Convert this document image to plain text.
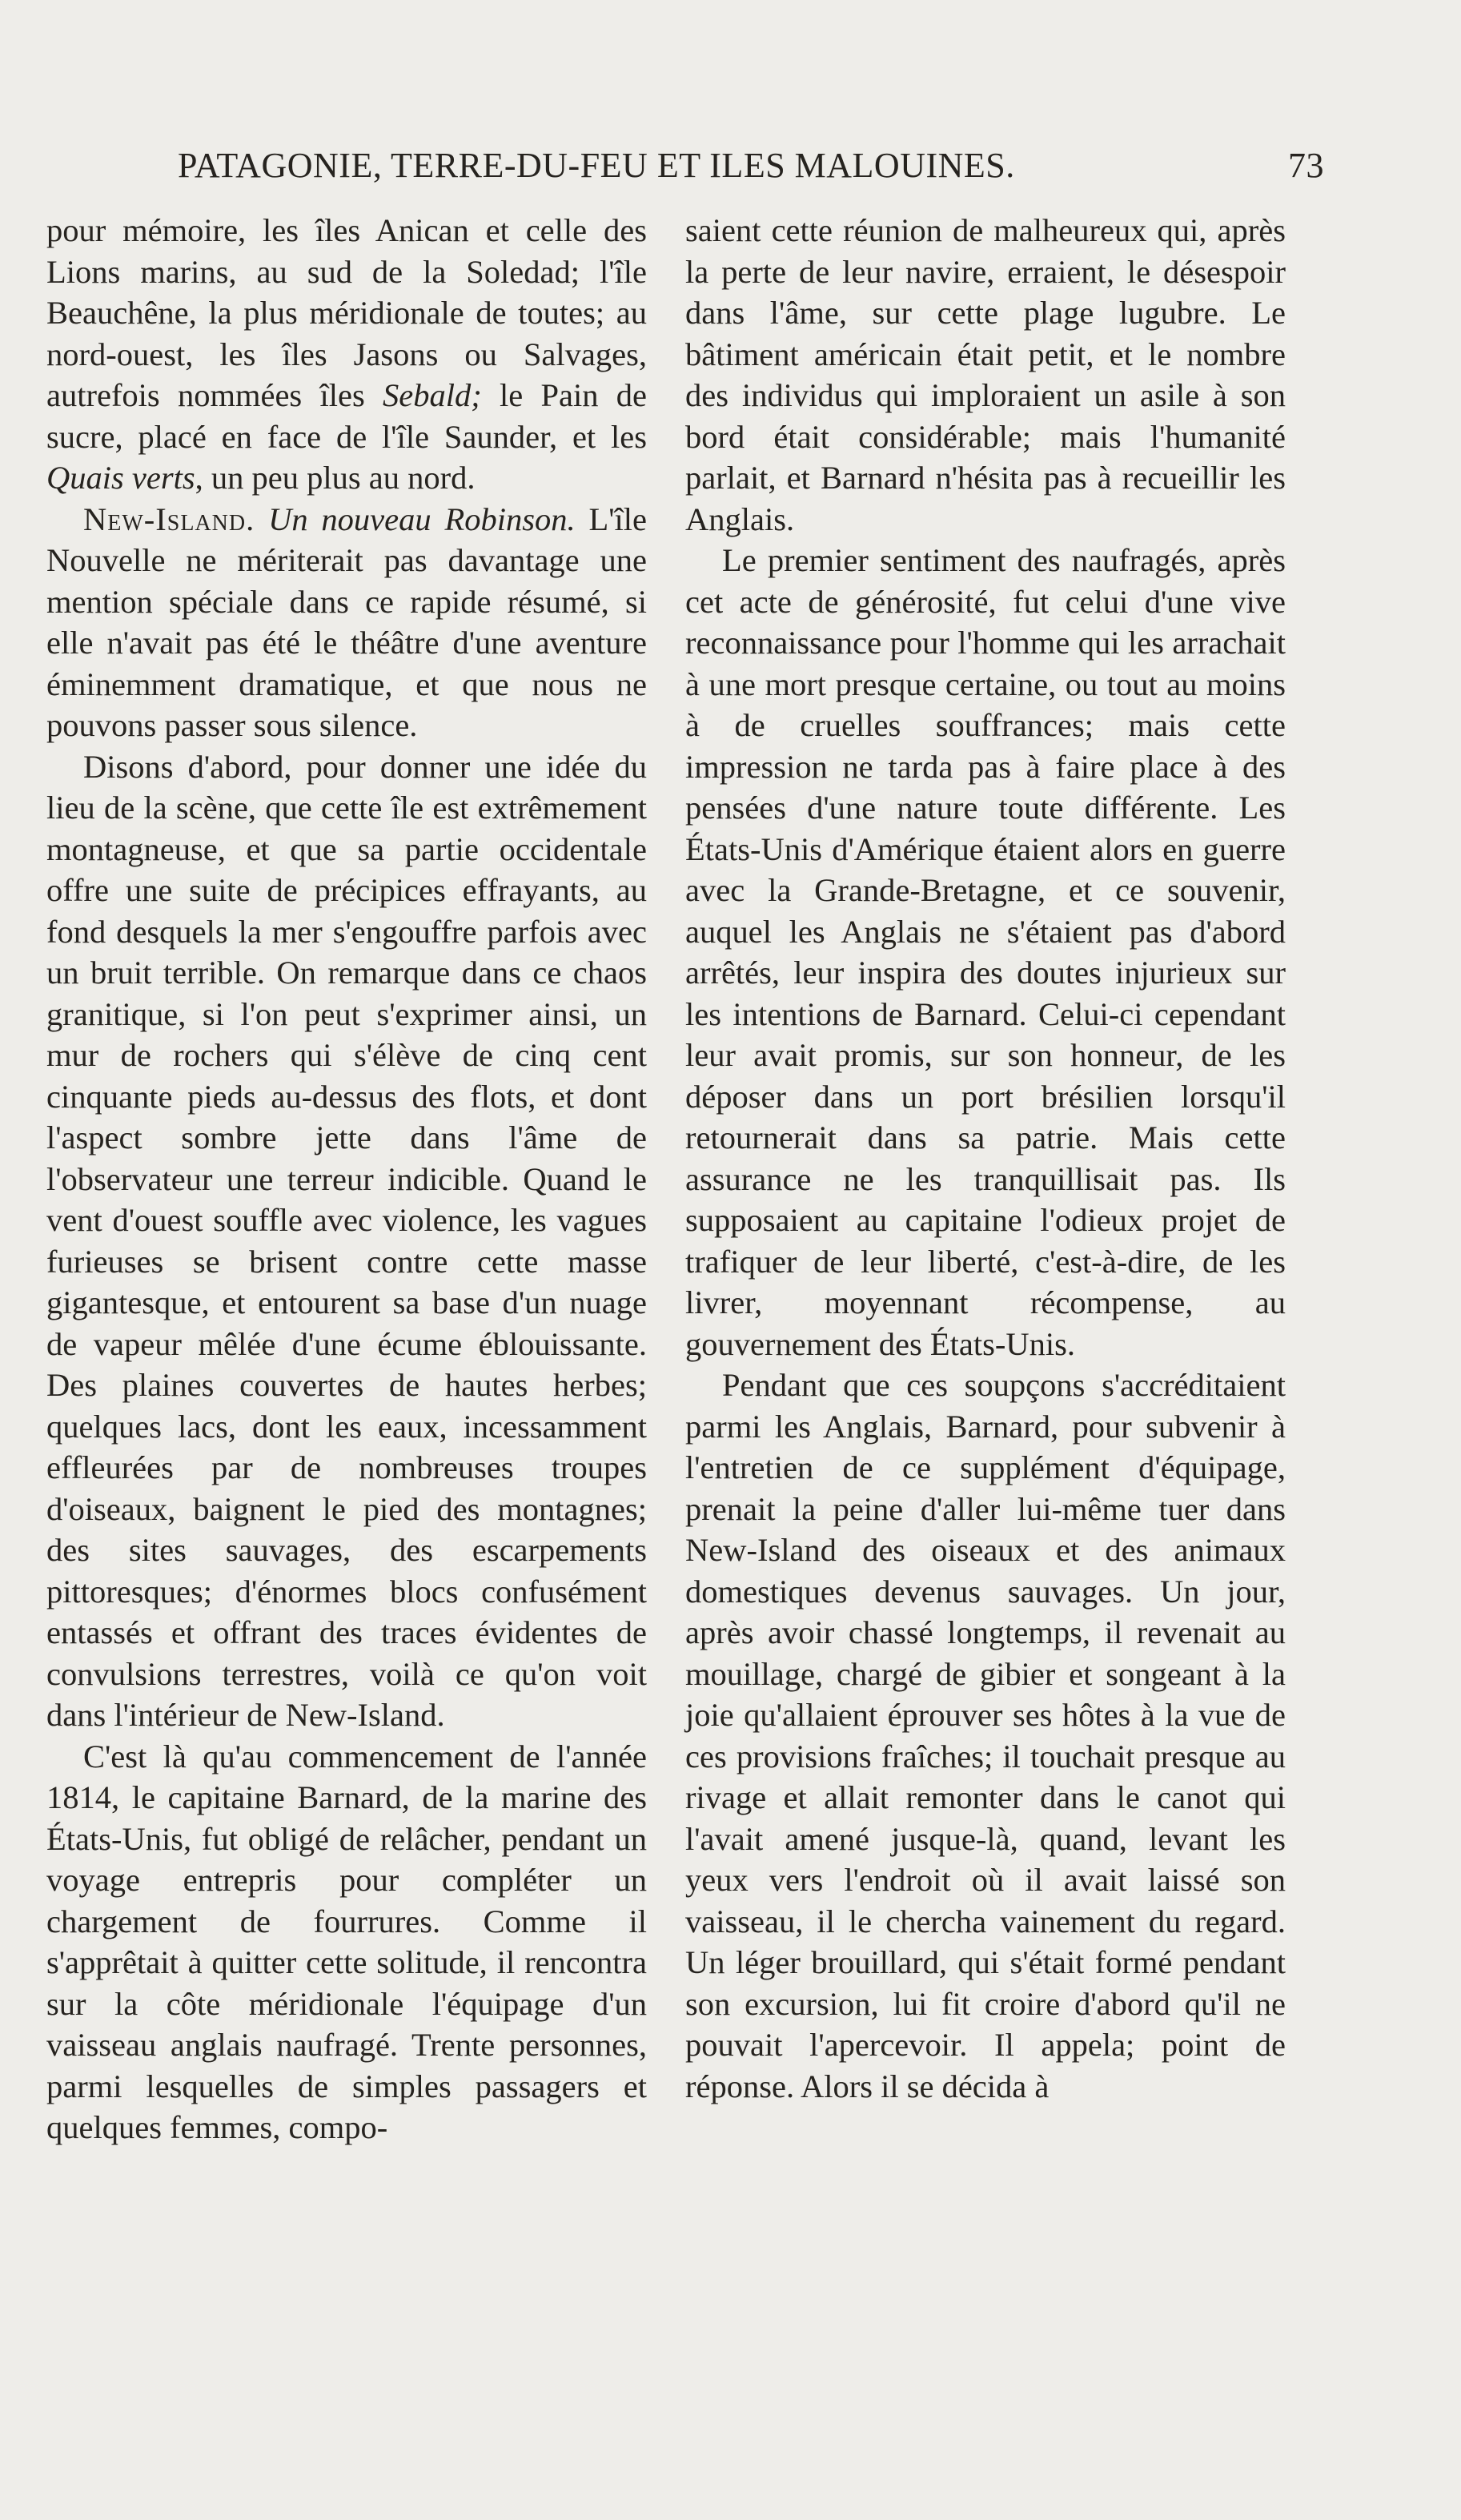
PATAGONIE, TERRE-DU-FEU ET ILES MALOUINES.	73

pour mémoire, les îles Anican et celle des Lions marins, au sud de la Soledad; l'île Beauchêne, la plus méridionale de toutes; au nord-ouest, les îles Jasons ou Salvages, autrefois nommées îles Sebald; le Pain de sucre, placé en face de l'île Saunder, et les Quais verts, un peu plus au nord.

New-Island. Un nouveau Robinson. L'île Nouvelle ne mériterait pas davantage une mention spéciale dans ce rapide résumé, si elle n'avait pas été le théâtre d'une aventure éminemment dramatique, et que nous ne pouvons passer sous silence.

Disons d'abord, pour donner une idée du lieu de la scène, que cette île est extrêmement montagneuse, et que sa partie occidentale offre une suite de précipices effrayants, au fond desquels la mer s'engouffre parfois avec un bruit terrible. On remarque dans ce chaos granitique, si l'on peut s'exprimer ainsi, un mur de rochers qui s'élève de cinq cent cinquante pieds au-dessus des flots, et dont l'aspect sombre jette dans l'âme de l'observateur une terreur indicible. Quand le vent d'ouest souffle avec violence, les vagues furieuses se brisent contre cette masse gigantesque, et entourent sa base d'un nuage de vapeur mêlée d'une écume éblouissante. Des plaines couvertes de hautes herbes; quelques lacs, dont les eaux, incessamment effleurées par de nombreuses troupes d'oiseaux, baignent le pied des montagnes; des sites sauvages, des escarpements pittoresques; d'énormes blocs confusément entassés et offrant des traces évidentes de convulsions terrestres, voilà ce qu'on voit dans l'intérieur de New-Island.

C'est là qu'au commencement de l'année 1814, le capitaine Barnard, de la marine des États-Unis, fut obligé de relâcher, pendant un voyage entrepris pour compléter un chargement de fourrures. Comme il s'apprêtait à quitter cette solitude, il rencontra sur la côte méridionale l'équipage d'un vaisseau anglais naufragé. Trente personnes, parmi lesquelles de simples passagers et quelques femmes, compo-

saient cette réunion de malheureux qui, après la perte de leur navire, erraient, le désespoir dans l'âme, sur cette plage lugubre. Le bâtiment américain était petit, et le nombre des individus qui imploraient un asile à son bord était considérable; mais l'humanité parlait, et Barnard n'hésita pas à recueillir les Anglais.

Le premier sentiment des naufragés, après cet acte de générosité, fut celui d'une vive reconnaissance pour l'homme qui les arrachait à une mort presque certaine, ou tout au moins à de cruelles souffrances; mais cette impression ne tarda pas à faire place à des pensées d'une nature toute différente. Les États-Unis d'Amérique étaient alors en guerre avec la Grande-Bretagne, et ce souvenir, auquel les Anglais ne s'étaient pas d'abord arrêtés, leur inspira des doutes injurieux sur les intentions de Barnard. Celui-ci cependant leur avait promis, sur son honneur, de les déposer dans un port brésilien lorsqu'il retournerait dans sa patrie. Mais cette assurance ne les tranquillisait pas. Ils supposaient au capitaine l'odieux projet de trafiquer de leur liberté, c'est-à-dire, de les livrer, moyennant récompense, au gouvernement des États-Unis.

Pendant que ces soupçons s'accréditaient parmi les Anglais, Barnard, pour subvenir à l'entretien de ce supplément d'équipage, prenait la peine d'aller lui-même tuer dans New-Island des oiseaux et des animaux domestiques devenus sauvages. Un jour, après avoir chassé longtemps, il revenait au mouillage, chargé de gibier et songeant à la joie qu'allaient éprouver ses hôtes à la vue de ces provisions fraîches; il touchait presque au rivage et allait remonter dans le canot qui l'avait amené jusque-là, quand, levant les yeux vers l'endroit où il avait laissé son vaisseau, il le chercha vainement du regard. Un léger brouillard, qui s'était formé pendant son excursion, lui fit croire d'abord qu'il ne pouvait l'apercevoir. Il appela; point de réponse. Alors il se décida à
